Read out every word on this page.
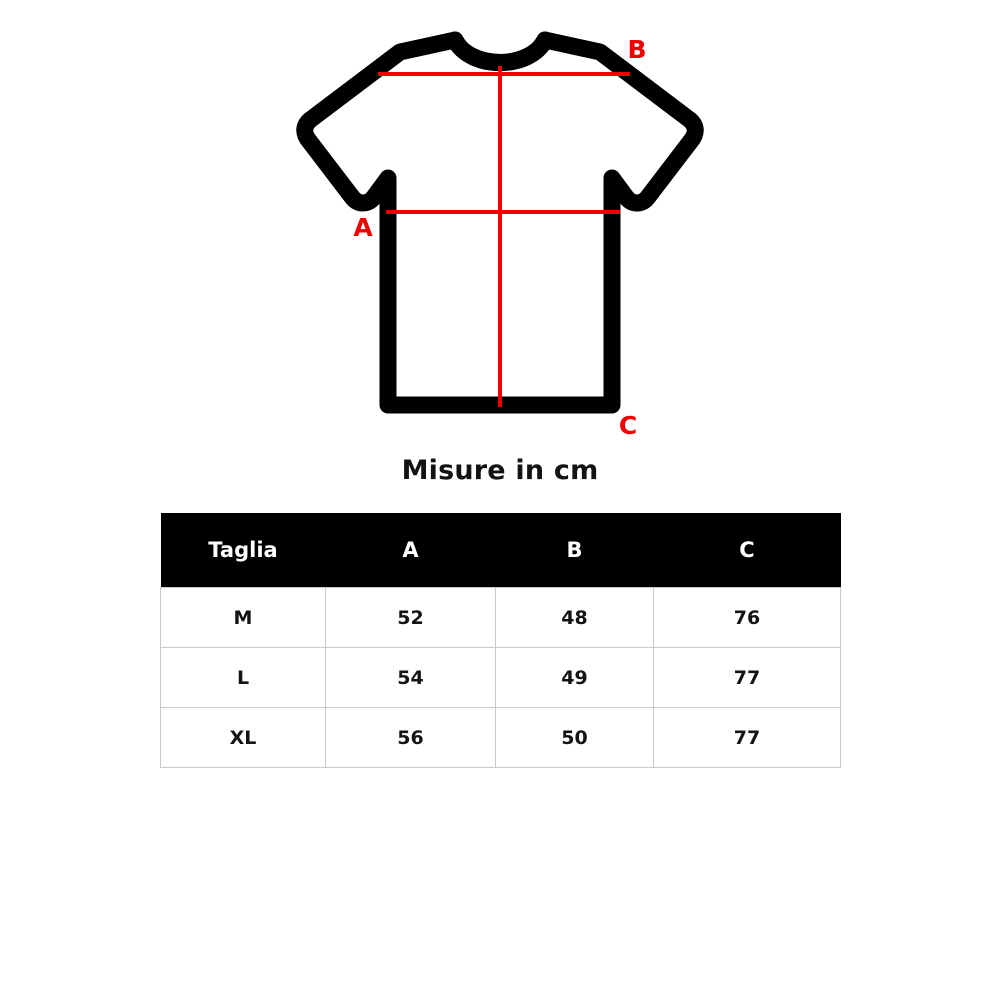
A
B
C
Misure in cm
Taglia	A	B	C
M	52	48	76
L	54	49	77
XL	56	50	77
